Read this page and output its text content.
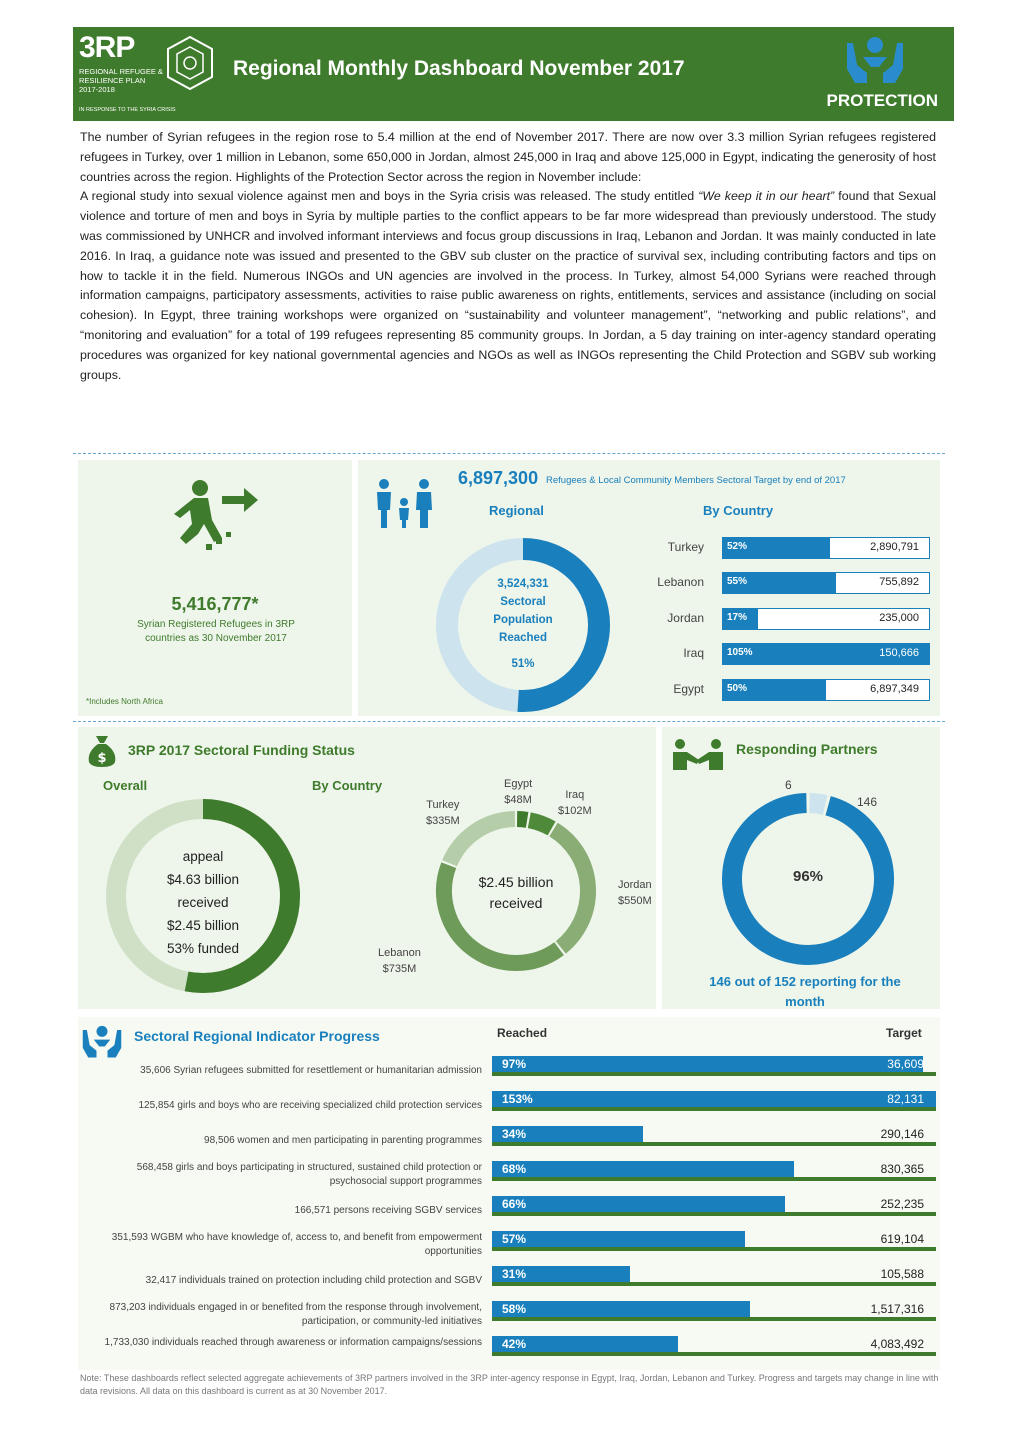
3RP
REGIONAL REFUGEE & RESILIENCE PLAN 2017-2018
IN RESPONSE TO THE SYRIA CRISIS
Regional Monthly Dashboard November 2017
PROTECTION

The number of Syrian refugees in the region rose to 5.4 million at the end of November 2017. There are now over 3.3 million Syrian refugees registered refugees in Turkey, over 1 million in Lebanon, some 650,000 in Jordan, almost 245,000 in Iraq and above 125,000 in Egypt, indicating the generosity of host countries across the region. Highlights of the Protection Sector across the region in November include:

A regional study into sexual violence against men and boys in the Syria crisis was released. The study entitled “We keep it in our heart” found that Sexual violence and torture of men and boys in Syria by multiple parties to the conflict appears to be far more widespread than previously understood. The study was commissioned by UNHCR and involved informant interviews and focus group discussions in Iraq, Lebanon and Jordan. It was mainly conducted in late 2016. In Iraq, a guidance note was issued and presented to the GBV sub cluster on the practice of survival sex, including contributing factors and tips on how to tackle it in the field. Numerous INGOs and UN agencies are involved in the process. In Turkey, almost 54,000 Syrians were reached through information campaigns, participatory assessments, activities to raise public awareness on rights, entitlements, services and assistance (including on social cohesion). In Egypt, three training workshops were organized on “sustainability and volunteer management”, “networking and public relations”, and “monitoring and evaluation” for a total of 199 refugees representing 85 community groups. In Jordan, a 5 day training on inter-agency standard operating procedures was organized for key national governmental agencies and NGOs as well as INGOs representing the Child Protection and SGBV sub working groups.

5,416,777*
Syrian Registered Refugees in 3RP countries as 30 November 2017
*Includes North Africa
6,897,300 Refugees & Local Community Members Sectoral Target by end of 2017
Regional	By Country
3,524,331
Sectoral Population Reached
51%
Turkey 52%	2,890,791
Lebanon 55%	755,892
Jordan 17%	235,000
Iraq 105%	150,666
Egypt 50%	6,897,349
$
3RP 2017 Sectoral Funding Status
Overall	By Country
appeal
$4.63 billion
received
$2.45 billion
53% funded
$2.45 billion
received
Egypt
$48M	Iraq
$102M
Jordan
$550M
Lebanon
$735M
Turkey
$335M
Responding Partners
6
146
96%
146 out of 152 reporting for the month
Sectoral Regional Indicator Progress	Reached	Target
35,606 Syrian refugees submitted for resettlement or humanitarian admission 97%	36,609
125,854 girls and boys who are receiving specialized child protection services 153%	82,131
98,506 women and men participating in parenting programmes 34%	290,146
568,458 girls and boys participating in structured, sustained child protection or psychosocial support programmes
68%	830,365
166,571 persons receiving SGBV services 66%	252,235
351,593 WGBM who have knowledge of, access to, and benefit from empowerment opportunities
57%	619,104
32,417 individuals trained on protection including child protection and SGBV 31%	105,588
873,203 individuals engaged in or benefited from the response through involvement, participation, or community-led initiatives
58%	1,517,316
1,733,030 individuals reached through awareness or information campaigns/sessions 42%	4,083,492
Note: These dashboards reflect selected aggregate achievements of 3RP partners involved in the 3RP inter-agency response in Egypt, Iraq, Jordan, Lebanon and Turkey. Progress and targets may change in line with data revisions. All data on this dashboard is current as at 30 November 2017.
